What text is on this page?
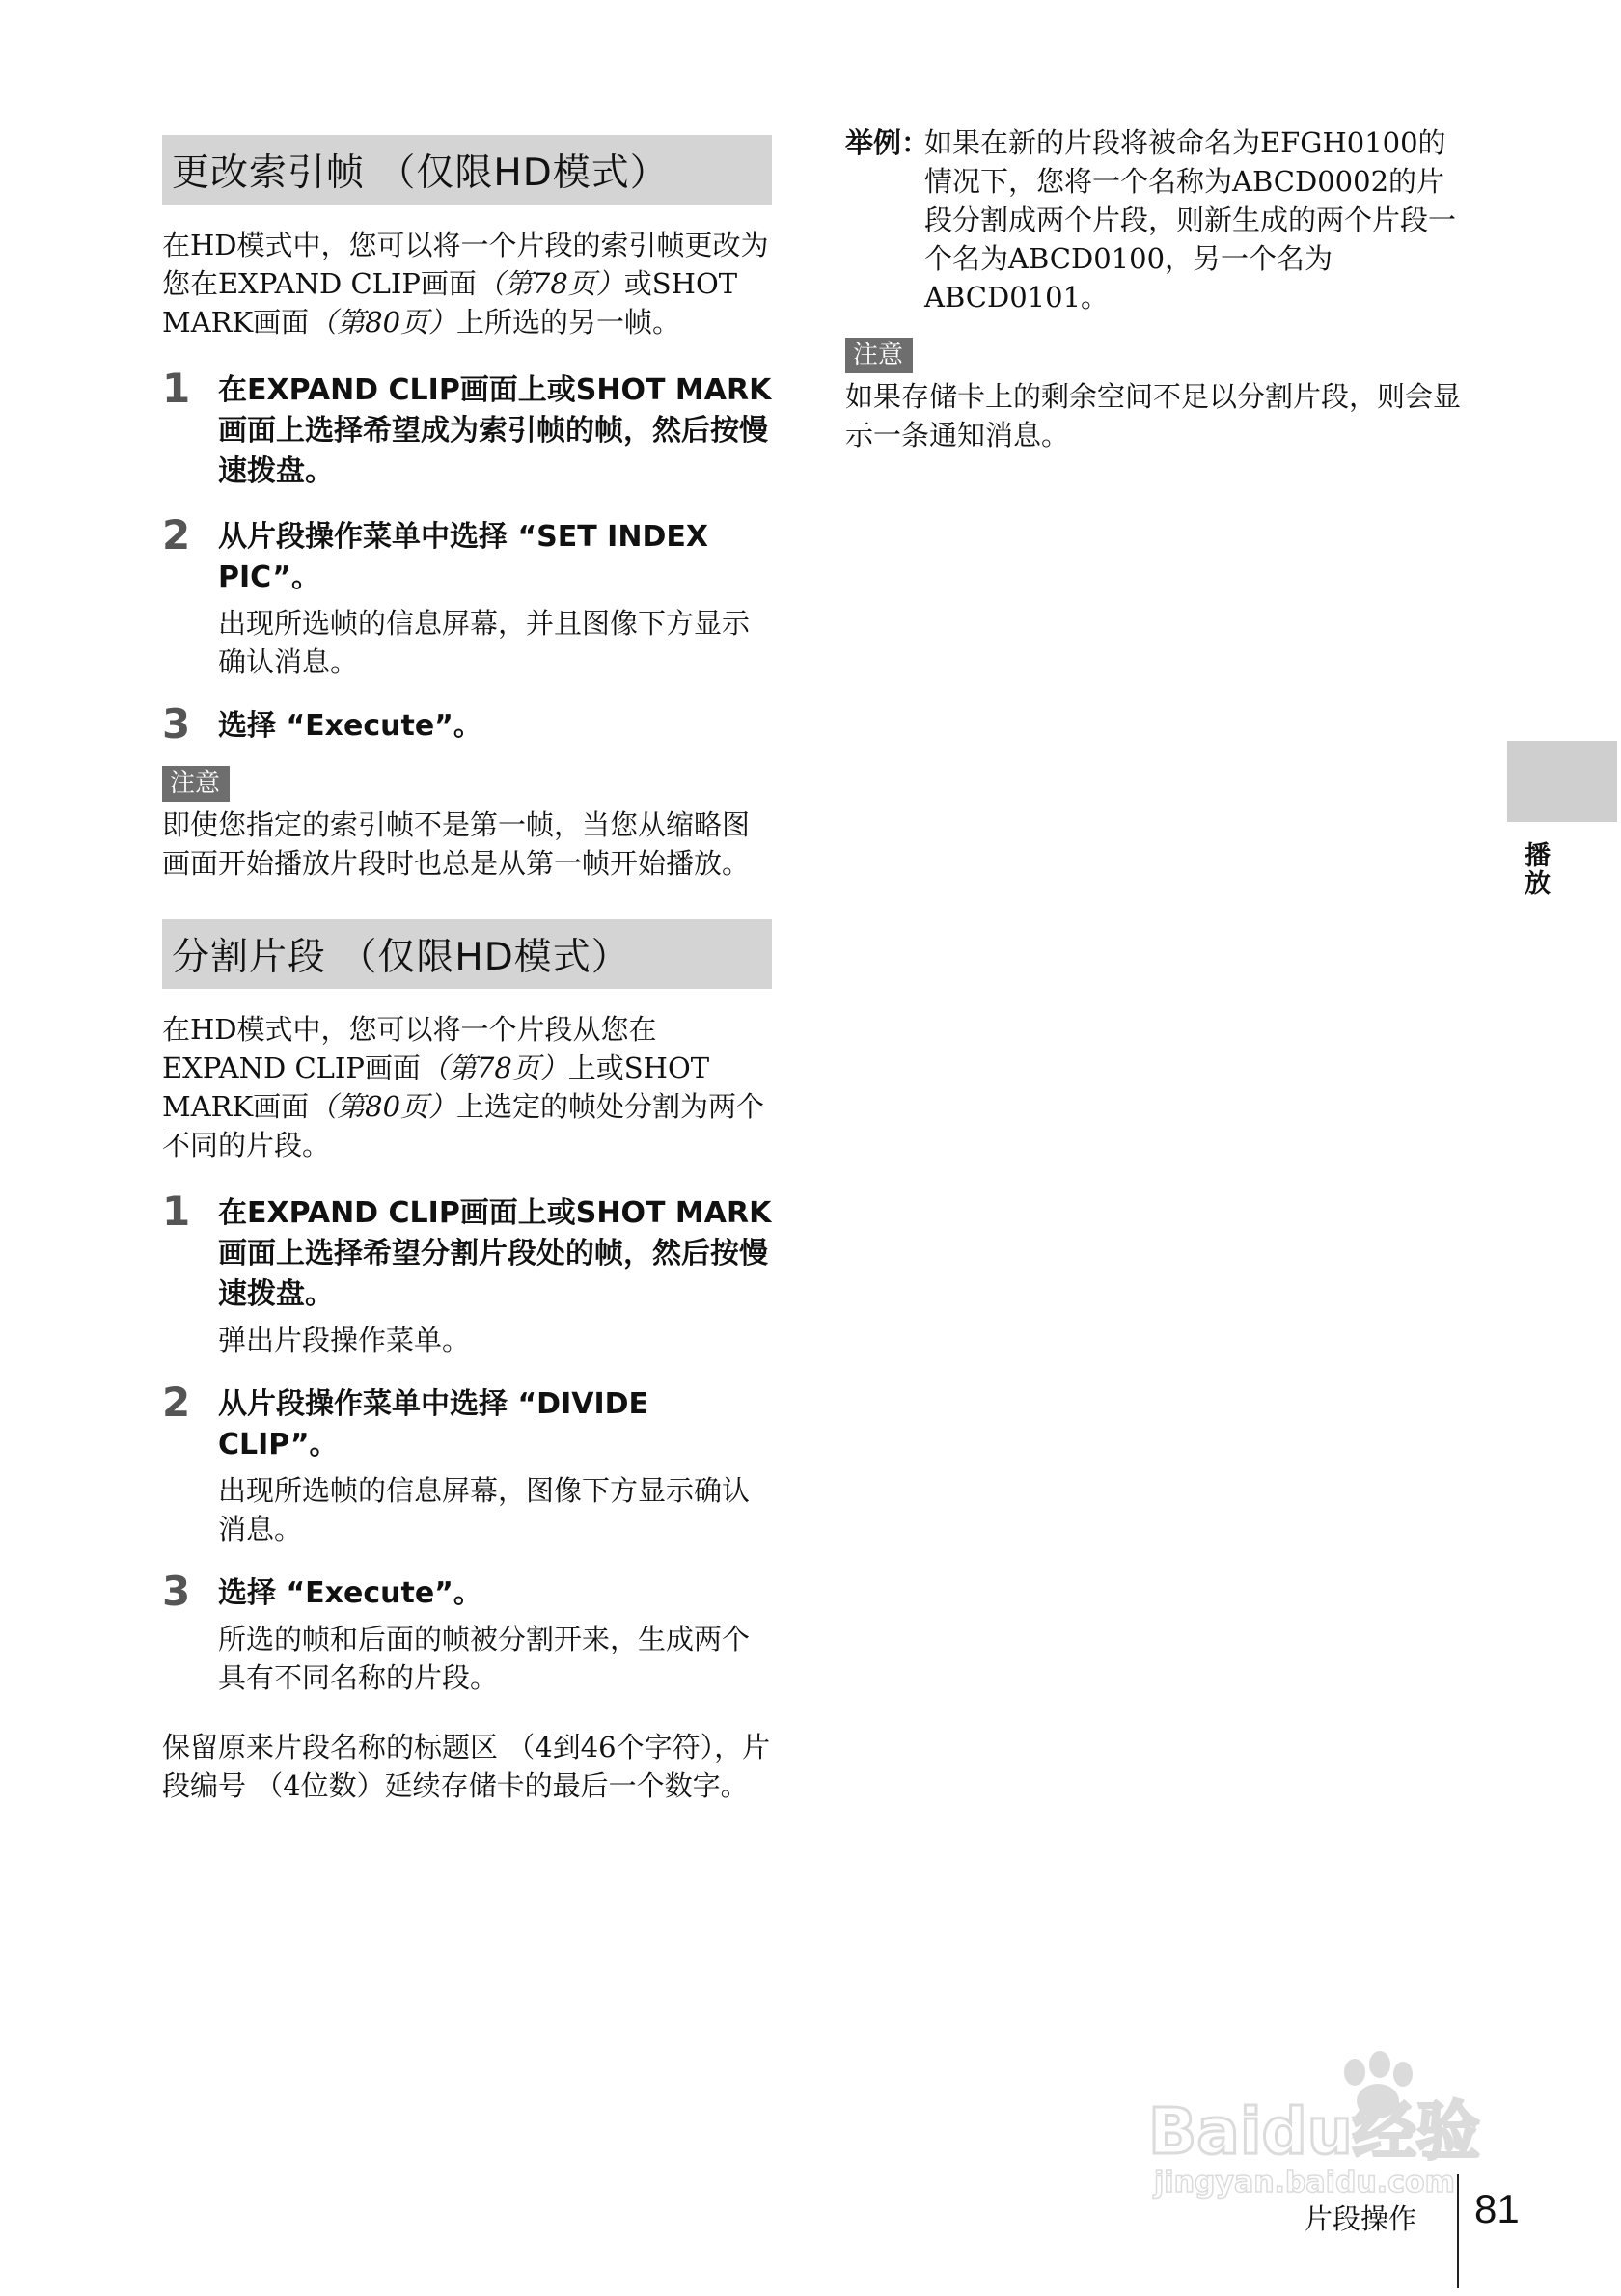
更改索引帧 （仅限HD模式）

在HD模式中，您可以将一个片段的索引帧更改为您在EXPAND CLIP画面（第78页）或SHOT MARK画面（第80页）上所选的另一帧。

1 在EXPAND CLIP画面上或SHOT MARK画面上选择希望成为索引帧的帧，然后按慢速拨盘。

2 从片段操作菜单中选择 “SET INDEX PIC”。

出现所选帧的信息屏幕，并且图像下方显示确认消息。

3 选择 “Execute”。

注意

即使您指定的索引帧不是第一帧，当您从缩略图画面开始播放片段时也总是从第一帧开始播放。

分割片段 （仅限HD模式）

在HD模式中，您可以将一个片段从您在EXPAND CLIP画面（第78页）上或SHOT MARK画面（第80页）上选定的帧处分割为两个不同的片段。

1 在EXPAND CLIP画面上或SHOT MARK画面上选择希望分割片段处的帧，然后按慢速拨盘。

弹出片段操作菜单。

2 从片段操作菜单中选择 “DIVIDE CLIP”。

出现所选帧的信息屏幕，图像下方显示确认消息。

3 选择 “Execute”。

所选的帧和后面的帧被分割开来，生成两个具有不同名称的片段。

保留原来片段名称的标题区 （4到46个字符），片段编号 （4位数）延续存储卡的最后一个数字。

举例：
如果在新的片段将被命名为EFGH0100的情况下，您将一个名称为ABCD0002的片段分割成两个片段，则新生成的两个片段一个名为ABCD0100，另一个名为ABCD0101。
注意

如果存储卡上的剩余空间不足以分割片段，则会显示一条通知消息。

播放
Baidu经验
jingyan.baidu.com
片段操作 81
